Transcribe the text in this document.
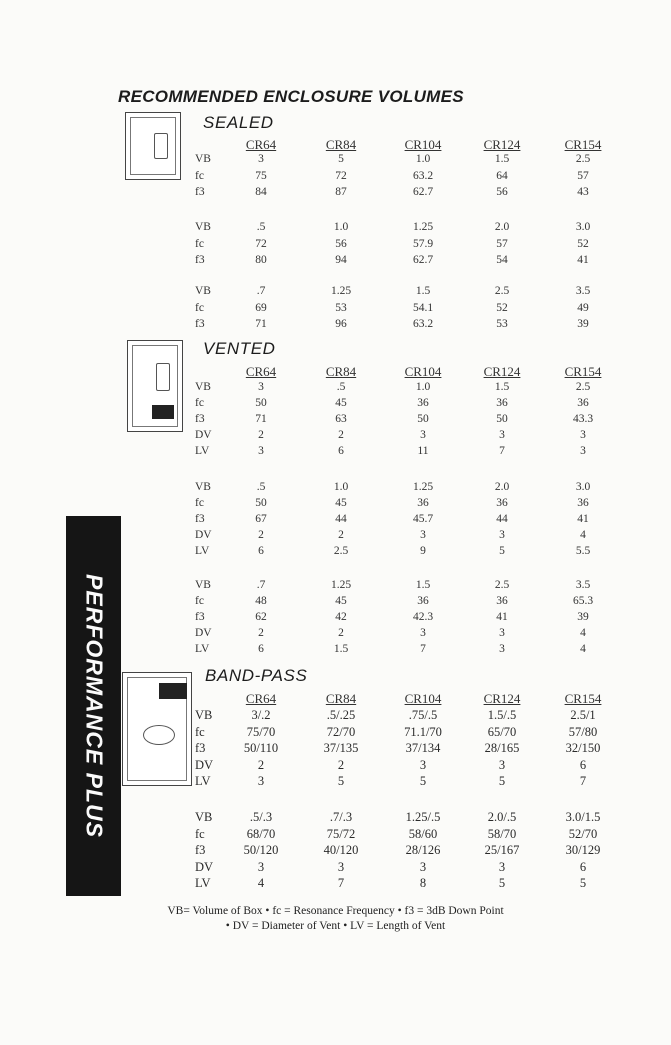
RECOMMENDED ENCLOSURE VOLUMES
SEALED
VENTED
BAND-PASS
CR64	CR84	CR104	CR124	CR154
VB	3	5	1.0	1.5	2.5
fc	75	72	63.2	64	57
f3	84	87	62.7	56	43
VB	.5	1.0	1.25	2.0	3.0
fc	72	56	57.9	57	52
f3	80	94	62.7	54	41
VB	.7	1.25	1.5	2.5	3.5
fc	69	53	54.1	52	49
f3	71	96	63.2	53	39
CR64	CR84	CR104	CR124	CR154
VB	3	.5	1.0	1.5	2.5
fc	50	45	36	36	36
f3	71	63	50	50	43.3
DV	2	2	3	3	3
LV	3	6	11	7	3
VB	.5	1.0	1.25	2.0	3.0
fc	50	45	36	36	36
f3	67	44	45.7	44	41
DV	2	2	3	3	4
LV	6	2.5	9	5	5.5
VB	.7	1.25	1.5	2.5	3.5
fc	48	45	36	36	65.3
f3	62	42	42.3	41	39
DV	2	2	3	3	4
LV	6	1.5	7	3	4
CR64	CR84	CR104	CR124	CR154
VB	3/.2	.5/.25	.75/.5	1.5/.5	2.5/1
fc	75/70	72/70	71.1/70	65/70	57/80
f3	50/110	37/135	37/134	28/165	32/150
DV	2	2	3	3	6
LV	3	5	5	5	7
VB	.5/.3	.7/.3	1.25/.5	2.0/.5	3.0/1.5
fc	68/70	75/72	58/60	58/70	52/70
f3	50/120	40/120	28/126	25/167	30/129
DV	3	3	3	3	6
LV	4	7	8	5	5
PERFORMANCE PLUS
VB= Volume of Box • fc = Resonance Frequency • f3 = 3dB Down Point
• DV = Diameter of Vent • LV = Length of Vent
